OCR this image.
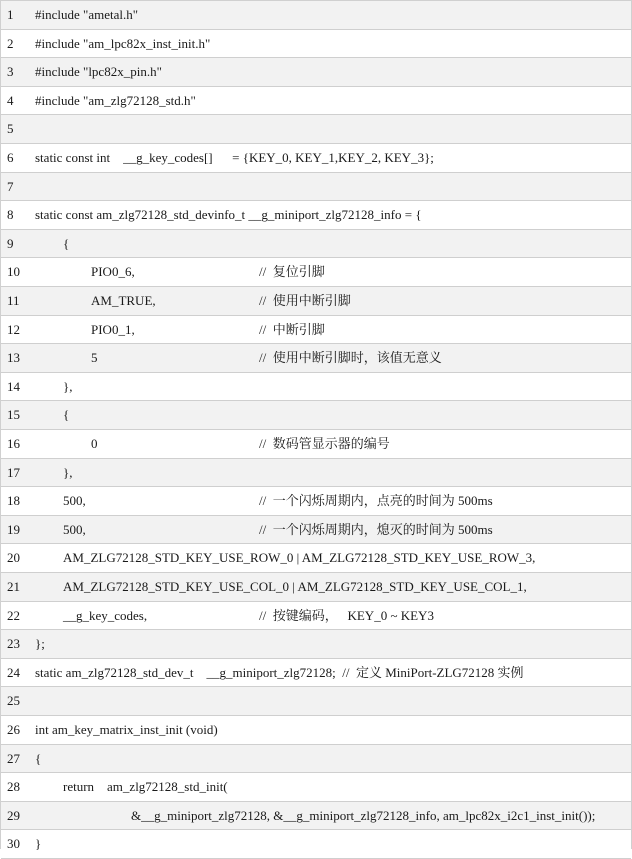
1 #include "ametal.h"
2 #include "am_lpc82x_inst_init.h"
3 #include "lpc82x_pin.h"
4 #include "am_zlg72128_std.h"
5
6 static const int    __g_key_codes[]      = {KEY_0, KEY_1,KEY_2, KEY_3};
7
8 static const am_zlg72128_std_devinfo_t __g_miniport_zlg72128_info = {
9	{
10	PIO0_6,	//  复位引脚
11	AM_TRUE,	//  使用中断引脚
12	PIO0_1,	//  中断引脚
13	5	//  使用中断引脚时，该值无意义
14	},
15	{
16	0	//  数码管显示器的编号
17	},
18	500,	//  一个闪烁周期内，点亮的时间为 500ms
19	500,	//  一个闪烁周期内，熄灭的时间为 500ms
20	AM_ZLG72128_STD_KEY_USE_ROW_0 | AM_ZLG72128_STD_KEY_USE_ROW_3,
21	AM_ZLG72128_STD_KEY_USE_COL_0 | AM_ZLG72128_STD_KEY_USE_COL_1,
22	__g_key_codes,	//  按键编码，   KEY_0 ~ KEY3
23 };
24 static am_zlg72128_std_dev_t    __g_miniport_zlg72128;  //  定义 MiniPort-ZLG72128 实例
25
26 int am_key_matrix_inst_init (void)
27 {
28	return    am_zlg72128_std_init(
29	&__g_miniport_zlg72128, &__g_miniport_zlg72128_info, am_lpc82x_i2c1_inst_init());
30 }
